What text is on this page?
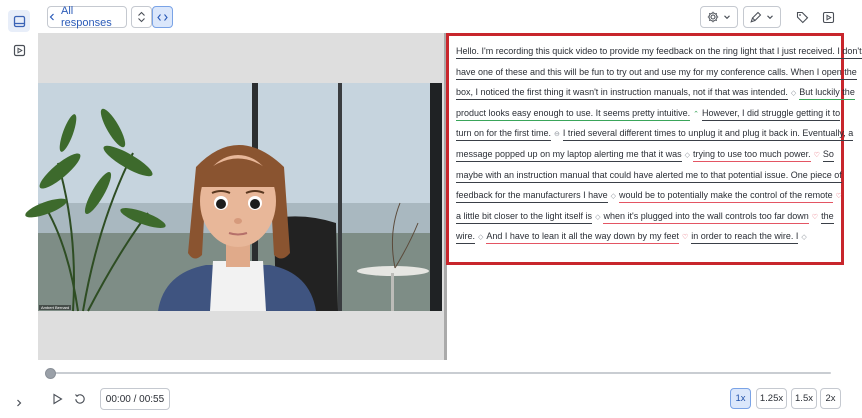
All responses
Ambert Bernard
Hello. I'm recording this quick video to provide my feedback on the ring light that I just received. I don't
have one of these and this will be fun to try out and use my for my conference calls. When I open the
box, I noticed the first thing it wasn't in instruction manuals, not if that was intended. ◇ But luckily the
product looks easy enough to use. It seems pretty intuitive. ⌃ However, I did struggle getting it to
turn on for the first time. ⊖ I tried several different times to unplug it and plug it back in. Eventually, a
message popped up on my laptop alerting me that it was ◇ trying to use too much power. ♡ So
maybe with an instruction manual that could have alerted me to that potential issue. One piece of
feedback for the manufacturers I have ◇ would be to potentially make the control of the remote ♡
a little bit closer to the light itself is ◇ when it's plugged into the wall controls too far down ♡ the
wire. ◇ And I have to lean it all the way down by my feet ♡ in order to reach the wire. I ◇
00:00 / 00:55	1x	1.25x	1.5x	2x
